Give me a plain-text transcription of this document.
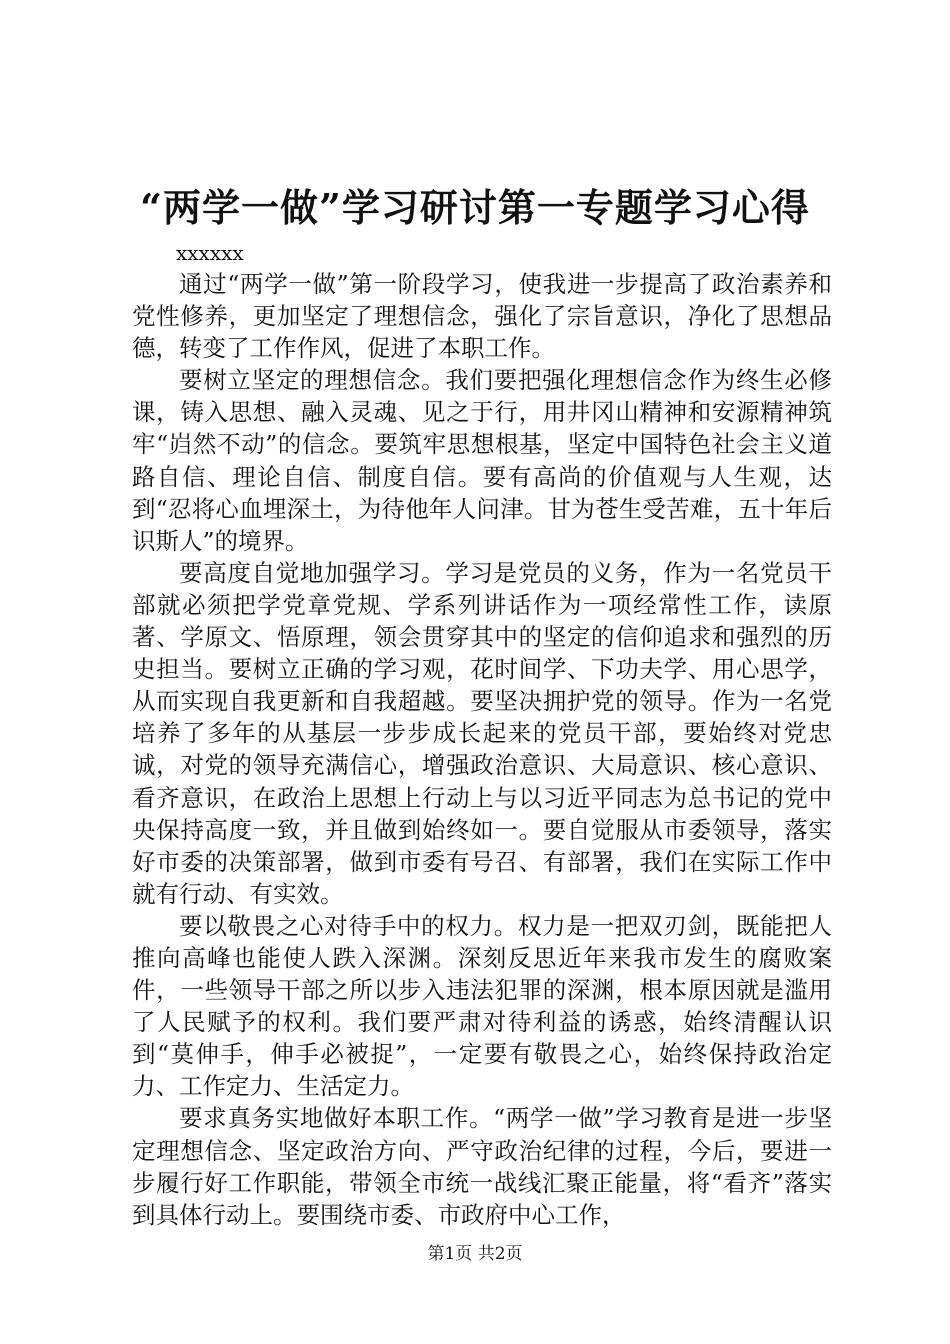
“两学一做”学习研讨第一专题学习心得

xxxxxx

通过“两学一做”第一阶段学习，使我进一步提高了政治素养和党性修养，更加坚定了理想信念，强化了宗旨意识，净化了思想品德，转变了工作作风，促进了本职工作。

要树立坚定的理想信念。我们要把强化理想信念作为终生必修课，铸入思想、融入灵魂、见之于行，用井冈山精神和安源精神筑牢“岿然不动”的信念。要筑牢思想根基，坚定中国特色社会主义道路自信、理论自信、制度自信。要有高尚的价值观与人生观，达到“忍将心血埋深土，为待他年人问津。甘为苍生受苦难，五十年后识斯人”的境界。

要高度自觉地加强学习。学习是党员的义务，作为一名党员干部就必须把学党章党规、学系列讲话作为一项经常性工作，读原著、学原文、悟原理，领会贯穿其中的坚定的信仰追求和强烈的历史担当。要树立正确的学习观，花时间学、下功夫学、用心思学，从而实现自我更新和自我超越。要坚决拥护党的领导。作为一名党培养了多年的从基层一步步成长起来的党员干部，要始终对党忠诚，对党的领导充满信心，增强政治意识、大局意识、核心意识、看齐意识，在政治上思想上行动上与以习近平同志为总书记的党中央保持高度一致，并且做到始终如一。要自觉服从市委领导，落实好市委的决策部署，做到市委有号召、有部署，我们在实际工作中就有行动、有实效。

要以敬畏之心对待手中的权力。权力是一把双刃剑，既能把人推向高峰也能使人跌入深渊。深刻反思近年来我市发生的腐败案件，一些领导干部之所以步入违法犯罪的深渊，根本原因就是滥用了人民赋予的权利。我们要严肃对待利益的诱惑，始终清醒认识到“莫伸手，伸手必被捉”，一定要有敬畏之心，始终保持政治定力、工作定力、生活定力。

要求真务实地做好本职工作。“两学一做”学习教育是进一步坚定理想信念、坚定政治方向、严守政治纪律的过程，今后，要进一步履行好工作职能，带领全市统一战线汇聚正能量，将“看齐”落实到具体行动上。要围绕市委、市政府中心工作，

第1页 共2页
